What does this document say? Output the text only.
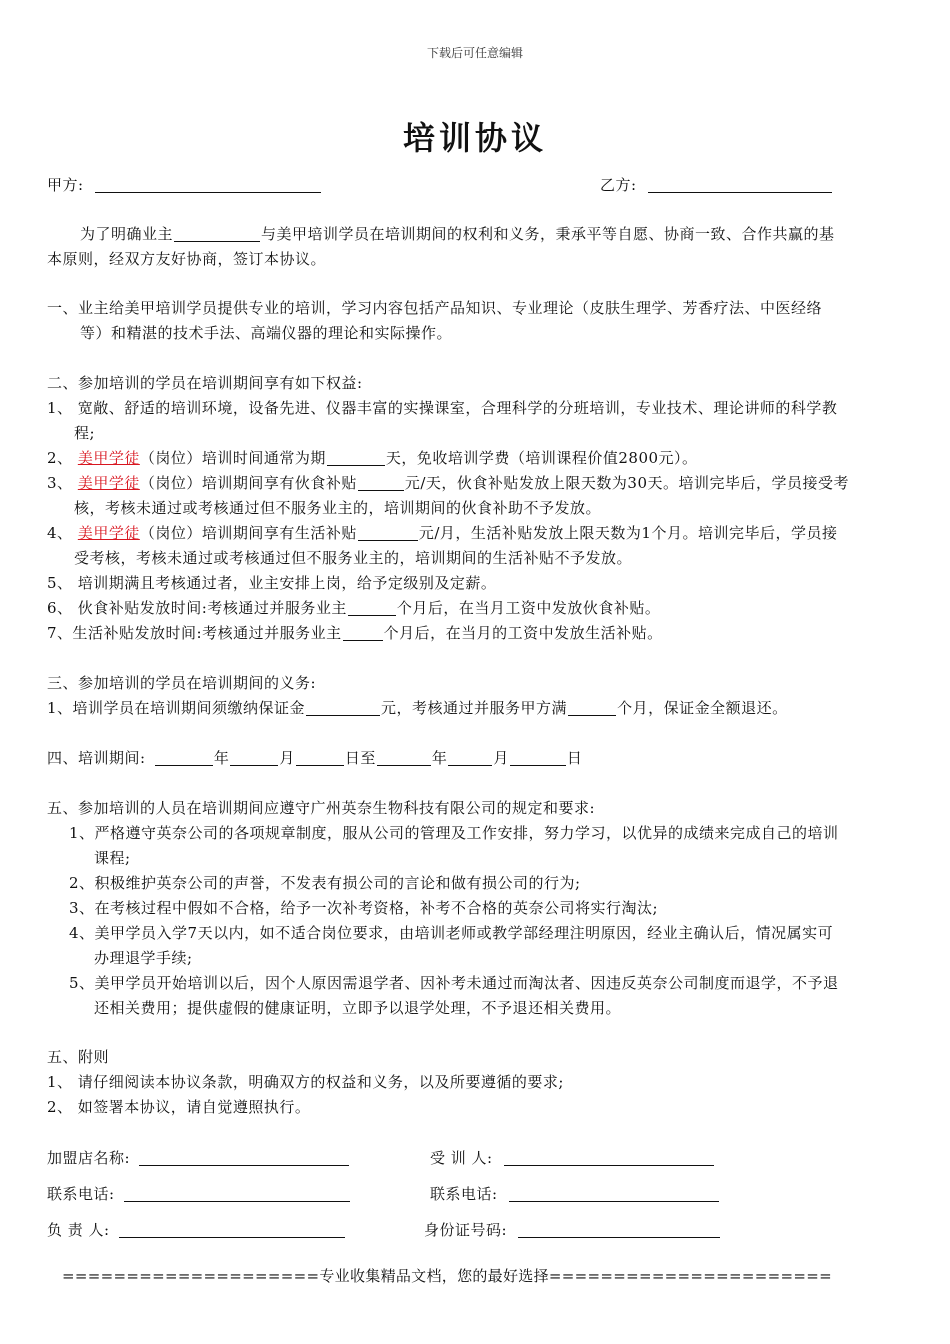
下载后可任意编辑
培训协议
甲方:	乙方:
为了明确业主	与美甲培训学员在培训期间的权利和义务，秉承平等自愿、协商一致、合作共赢的基
本原则，经双方友好协商，签订本协议。
一、业主给美甲培训学员提供专业的培训，学习内容包括产品知识、专业理论（皮肤生理学、芳香疗法、中医经络
等）和精湛的技术手法、高端仪器的理论和实际操作。
二、参加培训的学员在培训期间享有如下权益:
1、 宽敞、舒适的培训环境，设备先进、仪器丰富的实操课室，合理科学的分班培训，专业技术、理论讲师的科学教
程;
2、 美甲学徒（岗位）培训时间通常为期	天，免收培训学费（培训课程价值2800元）。
3、 美甲学徒（岗位）培训期间享有伙食补贴	元/天，伙食补贴发放上限天数为30天。培训完毕后，学员接受考
核，考核未通过或考核通过但不服务业主的，培训期间的伙食补助不予发放。
4、 美甲学徒（岗位）培训期间享有生活补贴	元/月，生活补贴发放上限天数为1个月。培训完毕后，学员接
受考核，考核未通过或考核通过但不服务业主的，培训期间的生活补贴不予发放。
5、 培训期满且考核通过者，业主安排上岗，给予定级别及定薪。
6、 伙食补贴发放时间:考核通过并服务业主	个月后，在当月工资中发放伙食补贴。
7、生活补贴发放时间:考核通过并服务业主	个月后，在当月的工资中发放生活补贴。
三、参加培训的学员在培训期间的义务:
1、培训学员在培训期间须缴纳保证金	元，考核通过并服务甲方满	个月，保证金全额退还。
四、培训期间:	年	月	日至	年	月	日
五、参加培训的人员在培训期间应遵守广州英奈生物科技有限公司的规定和要求:
1、严格遵守英奈公司的各项规章制度，服从公司的管理及工作安排，努力学习，以优异的成绩来完成自己的培训
课程;
2、积极维护英奈公司的声誉，不发表有损公司的言论和做有损公司的行为;
3、在考核过程中假如不合格，给予一次补考资格，补考不合格的英奈公司将实行淘汰;
4、美甲学员入学7天以内，如不适合岗位要求，由培训老师或教学部经理注明原因，经业主确认后，情况属实可
办理退学手续;
5、美甲学员开始培训以后，因个人原因需退学者、因补考未通过而淘汰者、因违反英奈公司制度而退学，不予退
还相关费用；提供虚假的健康证明，立即予以退学处理，不予退还相关费用。
五、附则
1、 请仔细阅读本协议条款，明确双方的权益和义务，以及所要遵循的要求;
2、 如签署本协议，请自觉遵照执行。
加盟店名称:	受 训 人:
联系电话:	联系电话:
负 责 人:	身份证号码:
====================专业收集精品文档，您的最好选择======================
